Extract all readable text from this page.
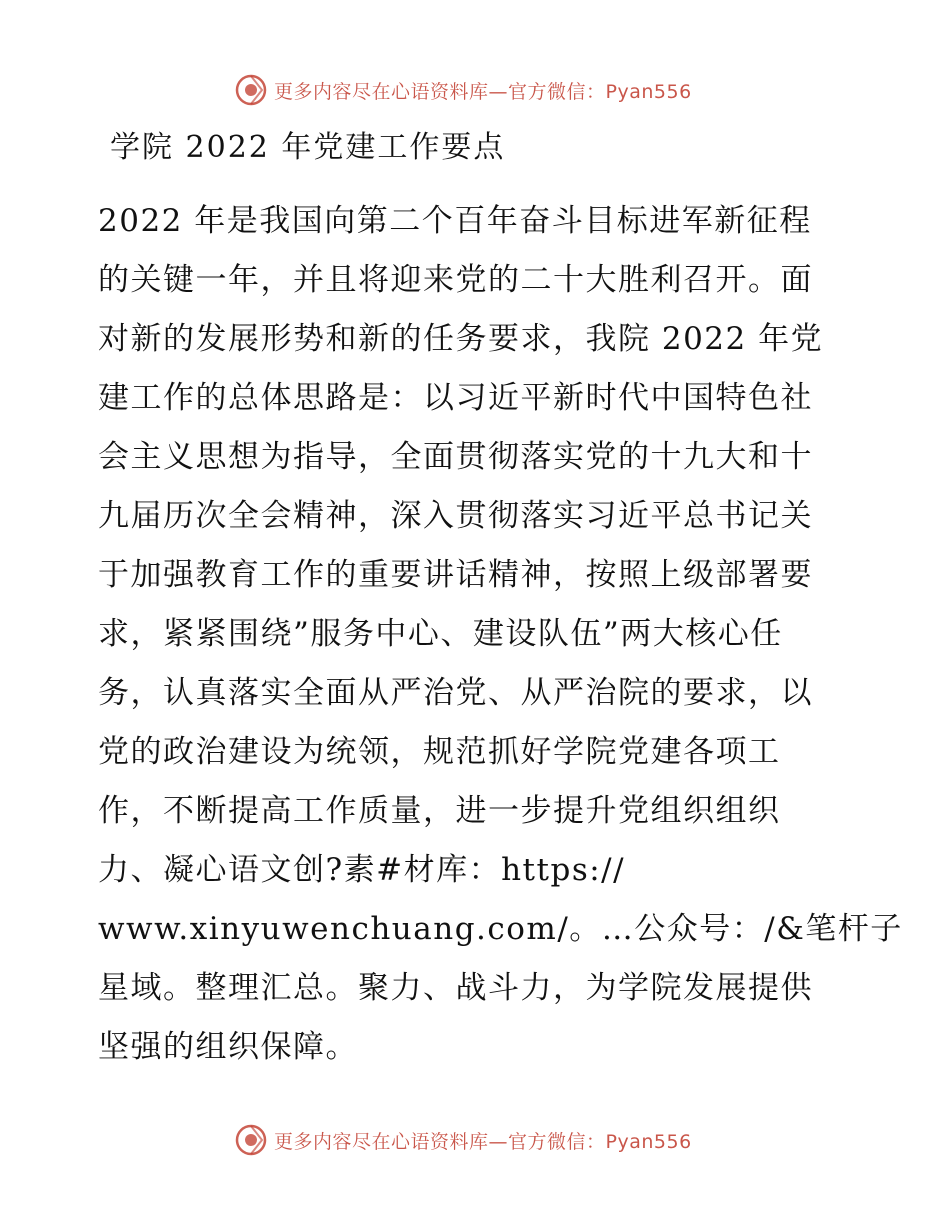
更多内容尽在心语资料库—官方微信：Pyan556
学院 2022 年党建工作要点
2022 年是我国向第二个百年奋斗目标进军新征程
的关键一年，并且将迎来党的二十大胜利召开。面
对新的发展形势和新的任务要求，我院 2022 年党
建工作的总体思路是：以习近平新时代中国特色社
会主义思想为指导，全面贯彻落实党的十九大和十
九届历次全会精神，深入贯彻落实习近平总书记关
于加强教育工作的重要讲话精神，按照上级部署要
求，紧紧围绕”服务中心、建设队伍”两大核心任
务，认真落实全面从严治党、从严治院的要求，以
党的政治建设为统领，规范抓好学院党建各项工
作，不断提高工作质量，进一步提升党组织组织
力、凝心语文创?素#材库：https://
www.xinyuwenchuang.com/。…公众号：/&笔杆子
星域。整理汇总。聚力、战斗力，为学院发展提供
坚强的组织保障。
更多内容尽在心语资料库—官方微信：Pyan556
